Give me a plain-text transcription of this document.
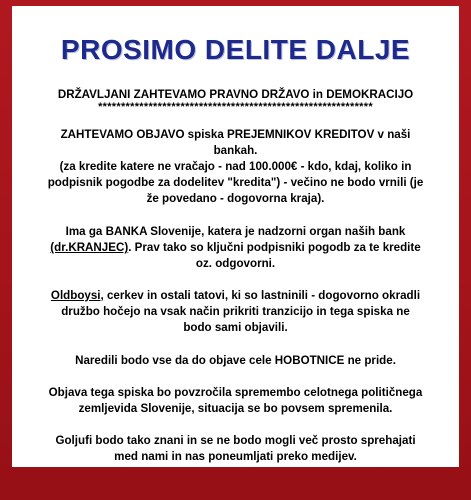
PROSIMO DELITE DALJE

DRŽAVLJANI ZAHTEVAMO PRAVNO DRŽAVO in DEMOKRACIJO

************************************************************

ZAHTEVAMO OBJAVO spiska PREJEMNIKOV KREDITOV v naši
bankah.
(za kredite katere ne vračajo - nad 100.000€ - kdo, kdaj, koliko in
podpisnik pogodbe za dodelitev "kredita") - večino ne bodo vrnili (je
že povedano - dogovorna kraja).

Ima ga BANKA Slovenije, katera je nadzorni organ naših bank
(dr.KRANJEC). Prav tako so ključni podpisniki pogodb za te kredite
oz. odgovorni.

Oldboysi, cerkev in ostali tatovi, ki so lastninili - dogovorno okradli
družbo hočejo na vsak način prikriti tranzicijo in tega spiska ne
bodo sami objavili.

Naredili bodo vse da do objave cele HOBOTNICE ne pride.

Objava tega spiska bo povzročila spremembo celotnega političnega
zemljevida Slovenije, situacija se bo povsem spremenila.

Goljufi bodo tako znani in se ne bodo mogli več prosto sprehajati
med nami in nas poneumljati preko medijev.
